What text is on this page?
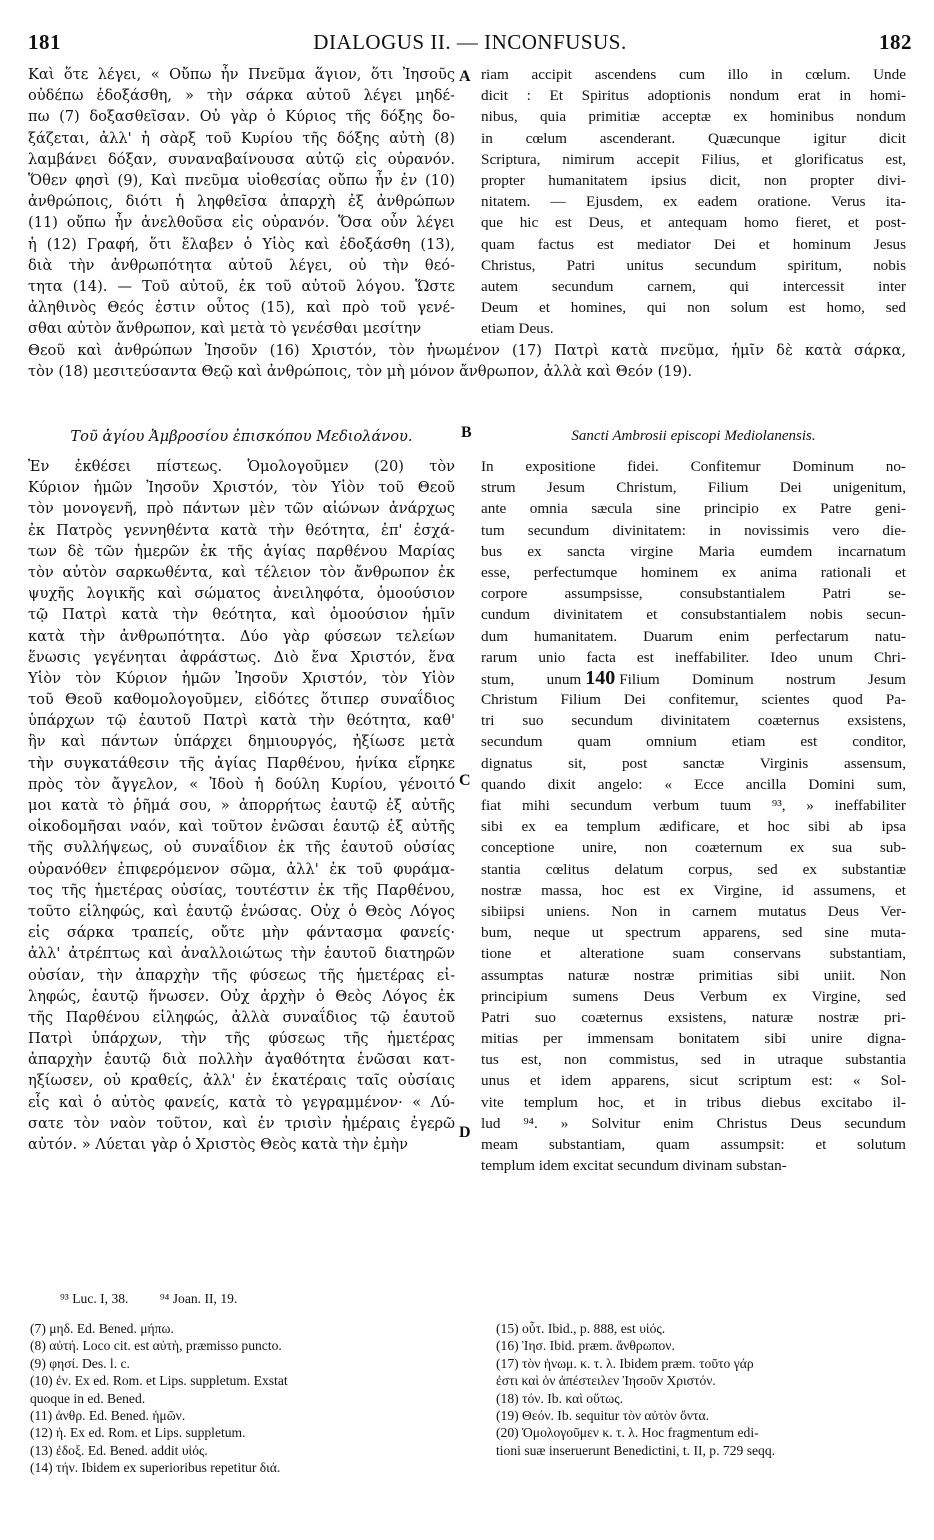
181	DIALOGUS II. — INCONFUSUS.	182
A
B
C
D
Καὶ ὅτε λέγει, « Οὔπω ἦν Πνεῦμα ἅγιον, ὅτι Ἰησοῦς
οὐδέπω ἐδοξάσθη, » τὴν σάρκα αὐτοῦ λέγει μηδέ-
πω (7) δοξασθεῖσαν. Οὐ γὰρ ὁ Κύριος τῆς δόξης δο-
ξάζεται, ἀλλ' ἡ σὰρξ τοῦ Κυρίου τῆς δόξης αὐτὴ (8)
λαμβάνει δόξαν, συναναβαίνουσα αὐτῷ εἰς οὐρανόν.
Ὅθεν φησὶ (9), Καὶ πνεῦμα υἱοθεσίας οὔπω ἦν ἐν (10)
ἀνθρώποις, διότι ἡ ληφθεῖσα ἀπαρχὴ ἐξ ἀνθρώπων
(11) οὔπω ἦν ἀνελθοῦσα εἰς οὐρανόν. Ὅσα οὖν λέγει
ἡ (12) Γραφή, ὅτι ἔλαβεν ὁ Υἱὸς καὶ ἐδοξάσθη (13),
διὰ τὴν ἀνθρωπότητα αὐτοῦ λέγει, οὐ τὴν θεό-
τητα (14). — Τοῦ αὐτοῦ, ἐκ τοῦ αὐτοῦ λόγου. Ὥστε
ἀληθινὸς Θεός ἐστιν οὗτος (15), καὶ πρὸ τοῦ γενέ-
σθαι αὐτὸν ἄνθρωπον, καὶ μετὰ τὸ γενέσθαι μεσίτην
riam accipit ascendens cum illo in cœlum. Unde
dicit : Et Spiritus adoptionis nondum erat in homi-
nibus, quia primitiæ acceptæ ex hominibus nondum
in cœlum ascenderant. Quæcunque igitur dicit
Scriptura, nimirum accepit Filius, et glorificatus est,
propter humanitatem ipsius dicit, non propter divi-
nitatem. — Ejusdem, ex eadem oratione. Verus ita-
que hic est Deus, et antequam homo fieret, et post-
quam factus est mediator Dei et hominum Jesus
Christus, Patri unitus secundum spiritum, nobis
autem secundum carnem, qui intercessit inter
Deum et homines, qui non solum est homo, sed
etiam Deus.
Θεοῦ καὶ ἀνθρώπων Ἰησοῦν (16) Χριστόν, τὸν ἡνωμένον (17) Πατρὶ κατὰ πνεῦμα, ἡμῖν δὲ κατὰ σάρκα,
τὸν (18) μεσιτεύσαντα Θεῷ καὶ ἀνθρώποις, τὸν μὴ μόνον ἄνθρωπον, ἀλλὰ καὶ Θεόν (19).
Τοῦ ἁγίου Ἀμβροσίου ἐπισκόπου Μεδιολάνου.	Sancti Ambrosii episcopi Mediolanensis.
Ἐν ἐκθέσει πίστεως. Ὁμολογοῦμεν (20) τὸν
Κύριον ἡμῶν Ἰησοῦν Χριστόν, τὸν Υἱὸν τοῦ Θεοῦ
τὸν μονογενῆ, πρὸ πάντων μὲν τῶν αἰώνων ἀνάρχως
ἐκ Πατρὸς γεννηθέντα κατὰ τὴν θεότητα, ἐπ' ἐσχά-
των δὲ τῶν ἡμερῶν ἐκ τῆς ἁγίας παρθένου Μαρίας
τὸν αὐτὸν σαρκωθέντα, καὶ τέλειον τὸν ἄνθρωπον ἐκ
ψυχῆς λογικῆς καὶ σώματος ἀνειληφότα, ὁμοούσιον
τῷ Πατρὶ κατὰ τὴν θεότητα, καὶ ὁμοούσιον ἡμῖν
κατὰ τὴν ἀνθρωπότητα. Δύο γὰρ φύσεων τελείων
ἕνωσις γεγένηται ἀφράστως. Διὸ ἕνα Χριστόν, ἕνα
Υἱὸν τὸν Κύριον ἡμῶν Ἰησοῦν Χριστόν, τὸν Υἱὸν
τοῦ Θεοῦ καθομολογοῦμεν, εἰδότες ὅτιπερ συναΐδιος
ὑπάρχων τῷ ἑαυτοῦ Πατρὶ κατὰ τὴν θεότητα, καθ'
ἣν καὶ πάντων ὑπάρχει δημιουργός, ἠξίωσε μετὰ
τὴν συγκατάθεσιν τῆς ἁγίας Παρθένου, ἡνίκα εἴρηκε
πρὸς τὸν ἄγγελον, « Ἰδοὺ ἡ δούλη Κυρίου, γένοιτό
μοι κατὰ τὸ ῥῆμά σου, » ἀπορρήτως ἑαυτῷ ἐξ αὐτῆς
οἰκοδομῆσαι ναόν, καὶ τοῦτον ἑνῶσαι ἑαυτῷ ἐξ αὐτῆς
τῆς συλλήψεως, οὐ συναΐδιον ἐκ τῆς ἑαυτοῦ οὐσίας
οὐρανόθεν ἐπιφερόμενον σῶμα, ἀλλ' ἐκ τοῦ φυράμα-
τος τῆς ἡμετέρας οὐσίας, τουτέστιν ἐκ τῆς Παρθένου,
τοῦτο εἰληφώς, καὶ ἑαυτῷ ἑνώσας. Οὐχ ὁ Θεὸς Λόγος
εἰς σάρκα τραπείς, οὔτε μὴν φάντασμα φανείς·
ἀλλ' ἀτρέπτως καὶ ἀναλλοιώτως τὴν ἑαυτοῦ διατηρῶν
οὐσίαν, τὴν ἀπαρχὴν τῆς φύσεως τῆς ἡμετέρας εἰ-
ληφώς, ἑαυτῷ ἥνωσεν. Οὐχ ἀρχὴν ὁ Θεὸς Λόγος ἐκ
τῆς Παρθένου εἰληφώς, ἀλλὰ συναΐδιος τῷ ἑαυτοῦ
Πατρὶ ὑπάρχων, τὴν τῆς φύσεως τῆς ἡμετέρας
ἀπαρχὴν ἑαυτῷ διὰ πολλὴν ἀγαθότητα ἑνῶσαι κατ-
ηξίωσεν, οὐ κραθείς, ἀλλ' ἐν ἑκατέραις ταῖς οὐσίαις
εἷς καὶ ὁ αὐτὸς φανείς, κατὰ τὸ γεγραμμένον· « Λύ-
σατε τὸν ναὸν τοῦτον, καὶ ἐν τρισὶν ἡμέραις ἐγερῶ
αὐτόν. » Λύεται γὰρ ὁ Χριστὸς Θεὸς κατὰ τὴν ἐμὴν
In expositione fidei. Confitemur Dominum no-
strum Jesum Christum, Filium Dei unigenitum,
ante omnia sæcula sine principio ex Patre geni-
tum secundum divinitatem: in novissimis vero die-
bus ex sancta virgine Maria eumdem incarnatum
esse, perfectumque hominem ex anima rationali et
corpore assumpsisse, consubstantialem Patri se-
cundum divinitatem et consubstantialem nobis secun-
dum humanitatem. Duarum enim perfectarum natu-
rarum unio facta est ineffabiliter. Ideo unum Chri-
stum, unum 140 Filium Dominum nostrum Jesum
Christum Filium Dei confitemur, scientes quod Pa-
tri suo secundum divinitatem coæternus exsistens,
secundum quam omnium etiam est conditor,
dignatus sit, post sanctæ Virginis assensum,
quando dixit angelo: « Ecce ancilla Domini sum,
fiat mihi secundum verbum tuum ⁹³, » ineffabiliter
sibi ex ea templum ædificare, et hoc sibi ab ipsa
conceptione unire, non coæternum ex sua sub-
stantia cœlitus delatum corpus, sed ex substantiæ
nostræ massa, hoc est ex Virgine, id assumens, et
sibiipsi uniens. Non in carnem mutatus Deus Ver-
bum, neque ut spectrum apparens, sed sine muta-
tione et alteratione suam conservans substantiam,
assumptas naturæ nostræ primitias sibi uniit. Non
principium sumens Deus Verbum ex Virgine, sed
Patri suo coæternus exsistens, naturæ nostræ pri-
mitias per immensam bonitatem sibi unire digna-
tus est, non commistus, sed in utraque substantia
unus et idem apparens, sicut scriptum est: « Sol-
vite templum hoc, et in tribus diebus excitabo il-
lud ⁹⁴. » Solvitur enim Christus Deus secundum
meam substantiam, quam assumpsit: et solutum
templum idem excitat secundum divinam substan-
⁹³ Luc. I, 38. ⁹⁴ Joan. II, 19.
(7) μηδ. Ed. Bened. μήπω.
(8) αὐτή. Loco cit. est αὐτὴ, præmisso puncto.
(9) φησί. Des. l. c.
(10) ἐν. Ex ed. Rom. et Lips. suppletum. Exstat
quoque in ed. Bened.
(11) ἀνθρ. Ed. Bened. ἡμῶν.
(12) ἡ. Ex ed. Rom. et Lips. suppletum.
(13) ἐδοξ. Ed. Bened. addit υἱός.
(14) τήν. Ibidem ex superioribus repetitur διά.
(15) οὗτ. Ibid., p. 888, est υἱός.
(16) Ἰησ. Ibid. præm. ἄνθρωπον.
(17) τὸν ἡνωμ. κ. τ. λ. Ibidem præm. τοῦτο γάρ
ἐστι καὶ ὁν ἀπέστειλεν Ἰησοῦν Χριστόν.
(18) τόν. Ib. καὶ οὕτως.
(19) Θεόν. Ib. sequitur τὸν αὐτὸν ὄντα.
(20) Ὁμολογοῦμεν κ. τ. λ. Hoc fragmentum edi-
tioni suæ inseruerunt Benedictini, t. II, p. 729 seqq.
